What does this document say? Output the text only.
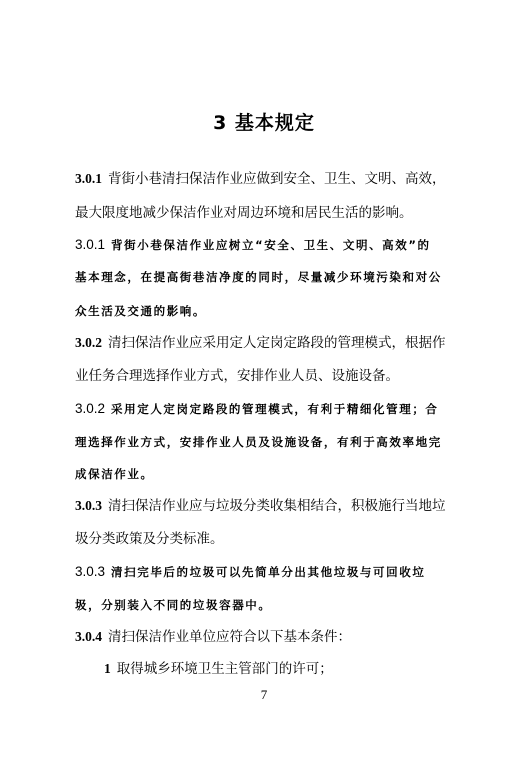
3 基本规定
3.0.1 背街小巷清扫保洁作业应做到安全、卫生、文明、高效，
最大限度地减少保洁作业对周边环境和居民生活的影响。
3.0.1 背街小巷保洁作业应树立“安全、卫生、文明、高效”的
基本理念，在提高街巷洁净度的同时，尽量减少环境污染和对公
众生活及交通的影响。
3.0.2 清扫保洁作业应采用定人定岗定路段的管理模式，根据作
业任务合理选择作业方式，安排作业人员、设施设备。
3.0.2 采用定人定岗定路段的管理模式，有利于精细化管理；合
理选择作业方式，安排作业人员及设施设备，有利于高效率地完
成保洁作业。
3.0.3 清扫保洁作业应与垃圾分类收集相结合，积极施行当地垃
圾分类政策及分类标准。
3.0.3 清扫完毕后的垃圾可以先简单分出其他垃圾与可回收垃
圾，分别装入不同的垃圾容器中。
3.0.4 清扫保洁作业单位应符合以下基本条件：
1 取得城乡环境卫生主管部门的许可；
7
